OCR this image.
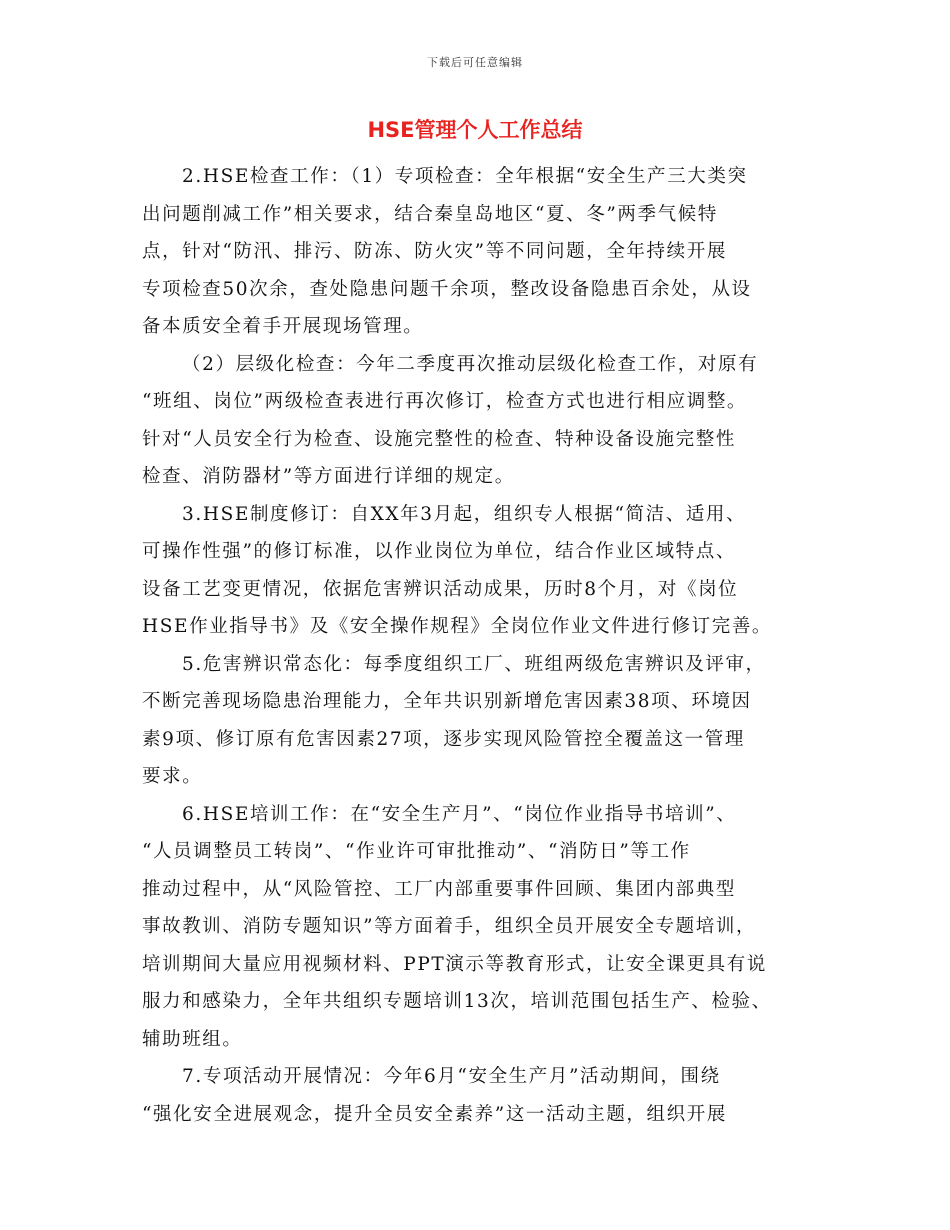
下载后可任意编辑
HSE管理个人工作总结
2.HSE检查工作：（1）专项检查：全年根据“安全生产三大类突
出问题削减工作”相关要求，结合秦皇岛地区“夏、冬”两季气候特
点，针对“防汛、排污、防冻、防火灾”等不同问题，全年持续开展
专项检查50次余，查处隐患问题千余项，整改设备隐患百余处，从设
备本质安全着手开展现场管理。
（2）层级化检查：今年二季度再次推动层级化检查工作，对原有
“班组、岗位”两级检查表进行再次修订，检查方式也进行相应调整。
针对“人员安全行为检查、设施完整性的检查、特种设备设施完整性
检查、消防器材”等方面进行详细的规定。
3.HSE制度修订：自XX年3月起，组织专人根据“简洁、适用、
可操作性强”的修订标准，以作业岗位为单位，结合作业区域特点、
设备工艺变更情况，依据危害辨识活动成果，历时8个月，对《岗位
HSE作业指导书》及《安全操作规程》全岗位作业文件进行修订完善。
5.危害辨识常态化：每季度组织工厂、班组两级危害辨识及评审，
不断完善现场隐患治理能力，全年共识别新增危害因素38项、环境因
素9项、修订原有危害因素27项，逐步实现风险管控全覆盖这一管理
要求。
6.HSE培训工作：在“安全生产月”、“岗位作业指导书培训”、
“人员调整员工转岗”、“作业许可审批推动”、“消防日”等工作
推动过程中，从“风险管控、工厂内部重要事件回顾、集团内部典型
事故教训、消防专题知识”等方面着手，组织全员开展安全专题培训，
培训期间大量应用视频材料、PPT演示等教育形式，让安全课更具有说
服力和感染力，全年共组织专题培训13次，培训范围包括生产、检验、
辅助班组。
7.专项活动开展情况：今年6月“安全生产月”活动期间，围绕
“强化安全进展观念，提升全员安全素养”这一活动主题，组织开展
